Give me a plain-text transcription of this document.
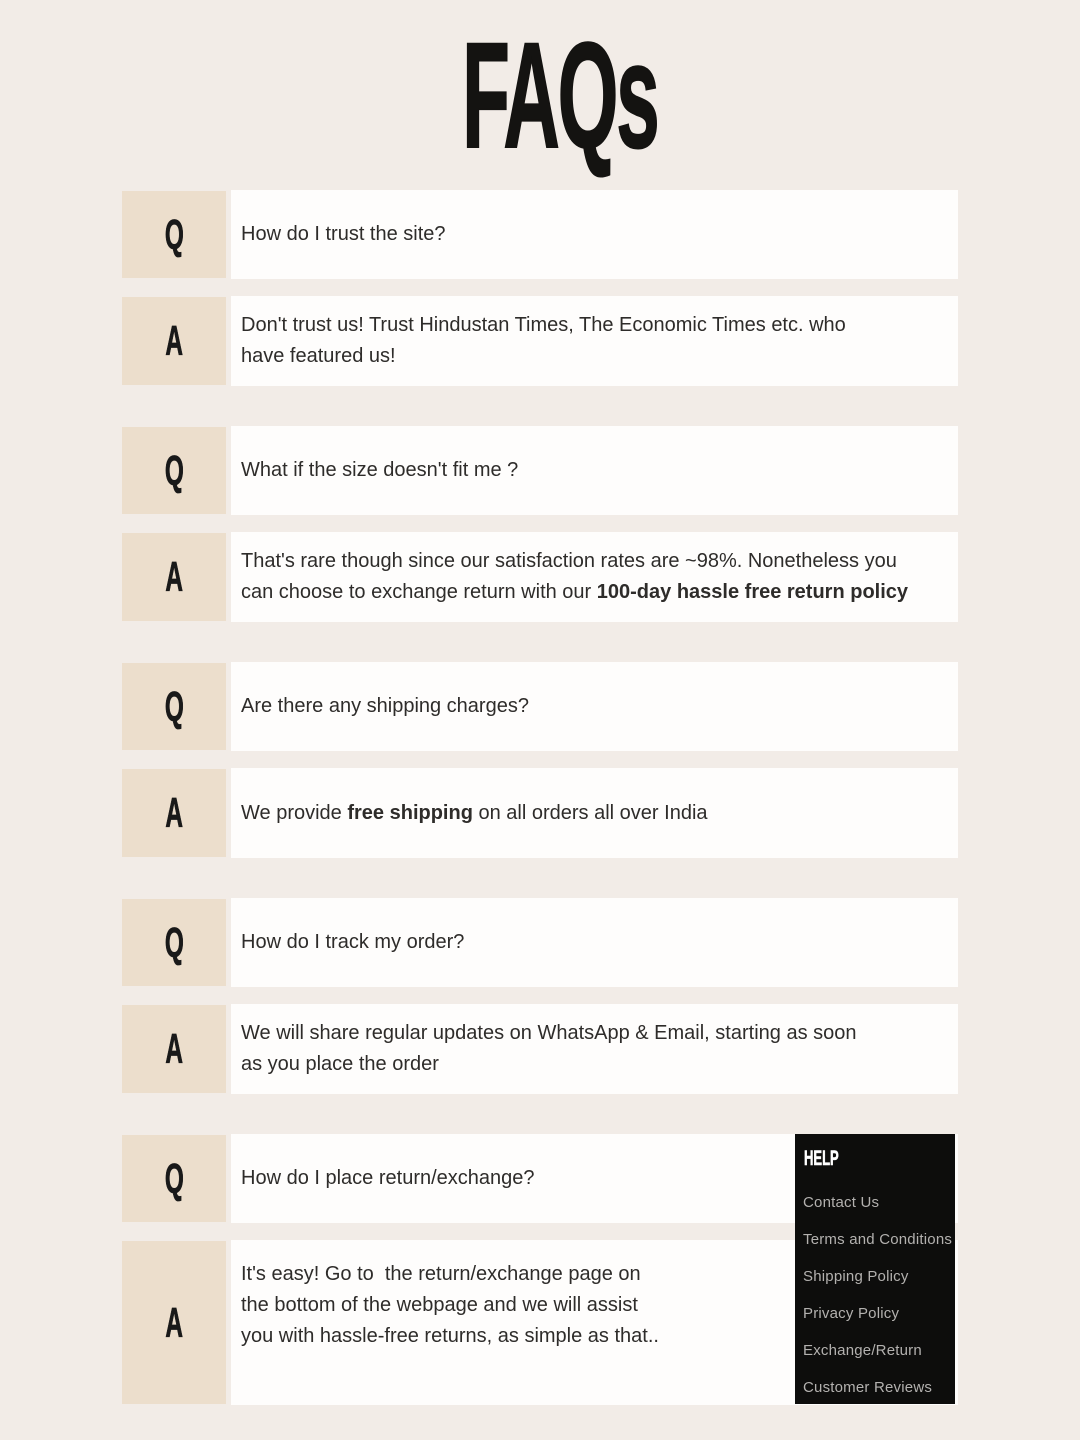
FAQs
Q	How do I trust the site?
A	Don't trust us! Trust Hindustan Times, The Economic Times etc. who
have featured us!
Q	What if the size doesn't fit me ?
A	That's rare though since our satisfaction rates are ~98%. Nonetheless you
can choose to exchange return with our 100-day hassle free return policy
Q	Are there any shipping charges?
A	We provide free shipping on all orders all over India
Q	How do I track my order?
A	We will share regular updates on WhatsApp & Email, starting as soon
as you place the order
Q	How do I place return/exchange?
A
It's easy! Go to  the return/exchange page on
the bottom of the webpage and we will assist
you with hassle-free returns, as simple as that..
HELP
Contact Us
Terms and Conditions
Shipping Policy
Privacy Policy
Exchange/Return
Customer Reviews
